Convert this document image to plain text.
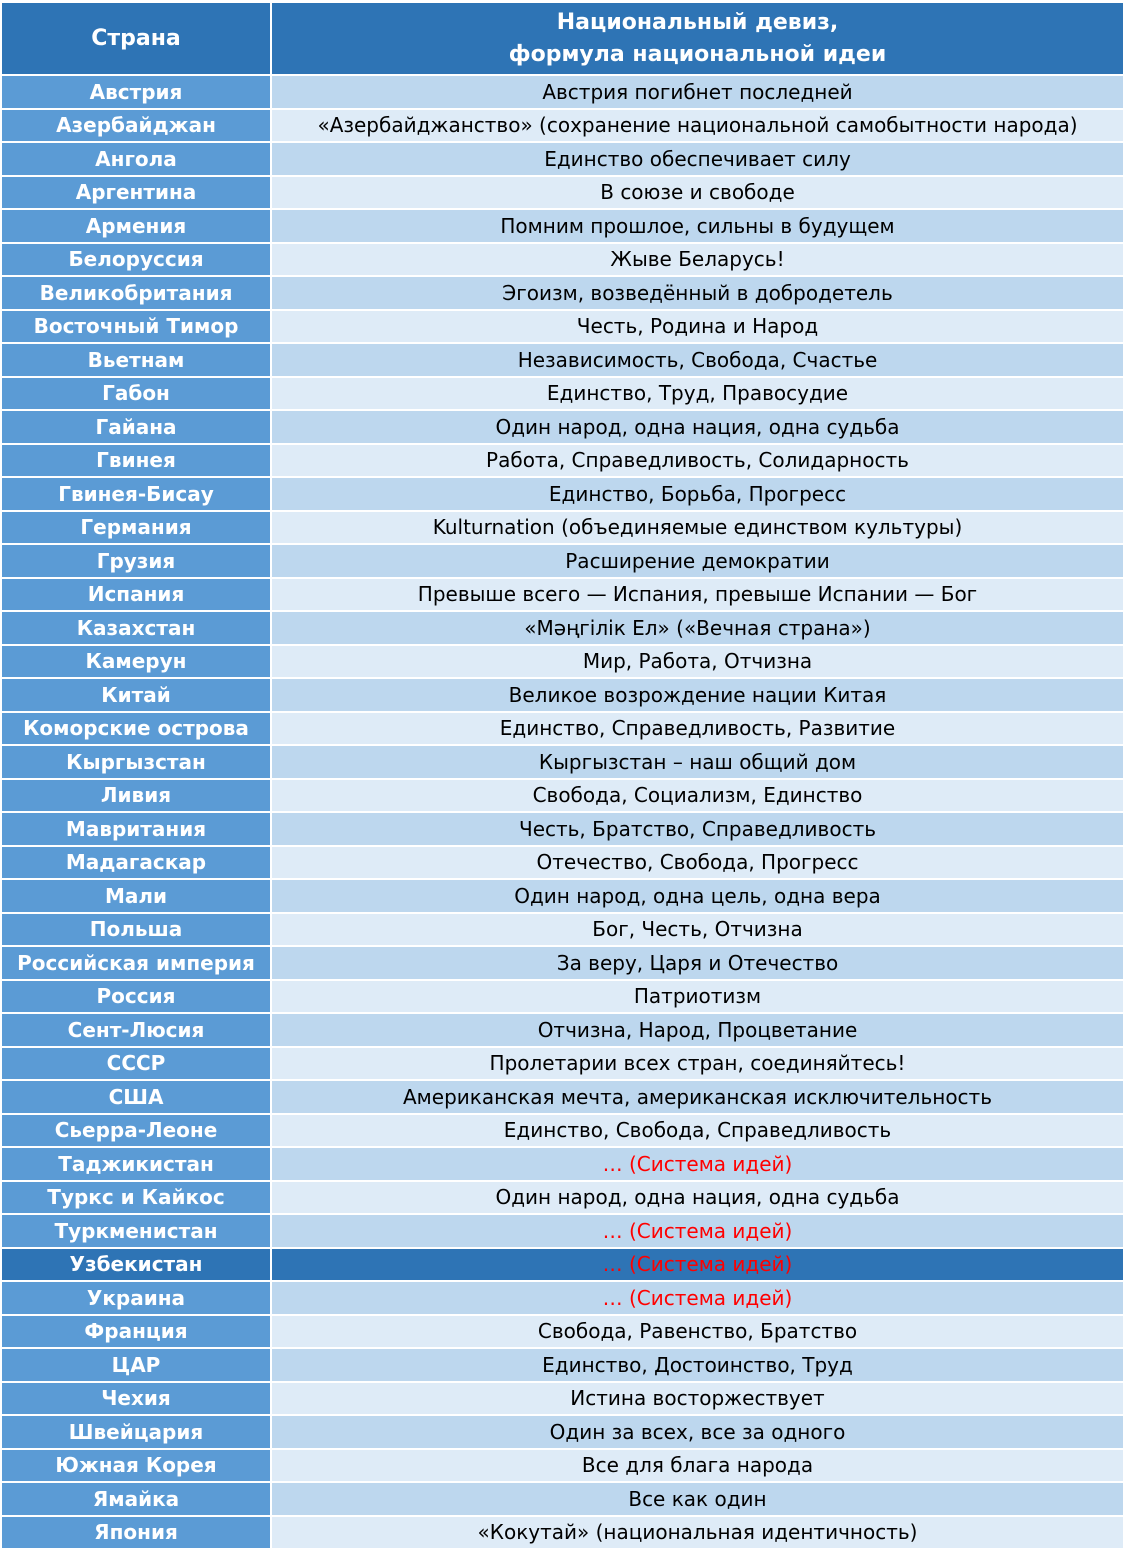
Страна	Национальный девиз,
формула национальной идеи

Австрия	Австрия погибнет последней
Азербайджан	«Азербайджанство» (сохранение национальной самобытности народа)
Ангола	Единство обеспечивает силу
Аргентина	В союзе и свободе
Армения	Помним прошлое, сильны в будущем
Белоруссия	Жыве Беларусь!
Великобритания	Эгоизм, возведённый в добродетель
Восточный Тимор	Честь, Родина и Народ
Вьетнам	Независимость, Свобода, Счастье
Габон	Единство, Труд, Правосудие
Гайана	Один народ, одна нация, одна судьба
Гвинея	Работа, Справедливость, Солидарность
Гвинея-Бисау	Единство, Борьба, Прогресс
Германия	Kulturnation (объединяемые единством культуры)
Грузия	Расширение демократии
Испания	Превыше всего — Испания, превыше Испании — Бог
Казахстан	«Мәңгілік Ел» («Вечная страна»)
Камерун	Мир, Работа, Отчизна
Китай	Великое возрождение нации Китая
Коморские острова	Единство, Справедливость, Развитие
Кыргызстан	Кыргызстан – наш общий дом
Ливия	Свобода, Социализм, Единство
Мавритания	Честь, Братство, Справедливость
Мадагаскар	Отечество, Свобода, Прогресс
Мали	Один народ, одна цель, одна вера
Польша	Бог, Честь, Отчизна
Российская империя	За веру, Царя и Отечество
Россия	Патриотизм
Сент-Люсия	Отчизна, Народ, Процветание
СССР	Пролетарии всех стран, соединяйтесь!
США	Американская мечта, американская исключительность
Сьерра-Леоне	Единство, Свобода, Справедливость
Таджикистан	… (Система идей)
Туркс и Кайкос	Один народ, одна нация, одна судьба
Туркменистан	… (Система идей)
Узбекистан	… (Система идей)
Украина	… (Система идей)
Франция	Свобода, Равенство, Братство
ЦАР	Единство, Достоинство, Труд
Чехия	Истина восторжествует
Швейцария	Один за всех, все за одного
Южная Корея	Все для блага народа
Ямайка	Все как один
Япония	«Кокутай» (национальная идентичность)
